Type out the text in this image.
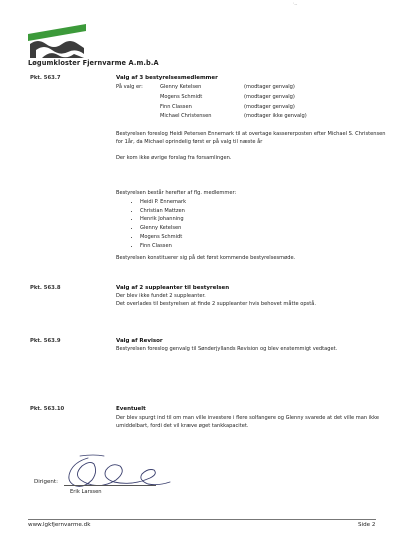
Løgumkloster Fjernvarme A.m.b.A
'~
Pkt. 563.7	Valg af 3 bestyrelsesmedlemmer
På valg er:	Glenny Ketelsen	(modtager genvalg)
Mogens Schmidt	(modtager genvalg)
Finn Classen	(modtager genvalg)
Michael Christensen	(modtager ikke genvalg)
Bestyrelsen foreslog Heidi Petersen Ennemark til at overtage kassererposten efter Michael S. Christensen for 1år, da Michael oprindelig først er på valg til næste år
Der kom ikke øvrige forslag fra forsamlingen.
Bestyrelsen består herefter af flg. medlemmer:
• Heidi P. Ennemark
• Christian Mattzen
• Henrik Johanning
• Glenny Ketelsen
• Mogens Schmidt
• Finn Classen
Bestyrelsen konstituerer sig på det først kommende bestyrelsesmøde.
Pkt. 563.8	Valg af 2 suppleanter til bestyrelsen
Der blev ikke fundet 2 suppleanter.
Det overlades til bestyrelsen at finde 2 suppleanter hvis behovet måtte opstå.
Pkt. 563.9	Valg af Revisor
Bestyrelsen foreslog genvalg til Sønderjyllands Revision og blev enstemmigt vedtaget.
Pkt. 563.10	Eventuelt
Der blev spurgt ind til om man ville investere i flere solfangere og Glenny svarede at det ville man ikke umiddelbart, fordi det vil kræve øget tankkapacitet.
Dirigent:
Erik Larssen
www.lgkfjernvarme.dk	Side 2
